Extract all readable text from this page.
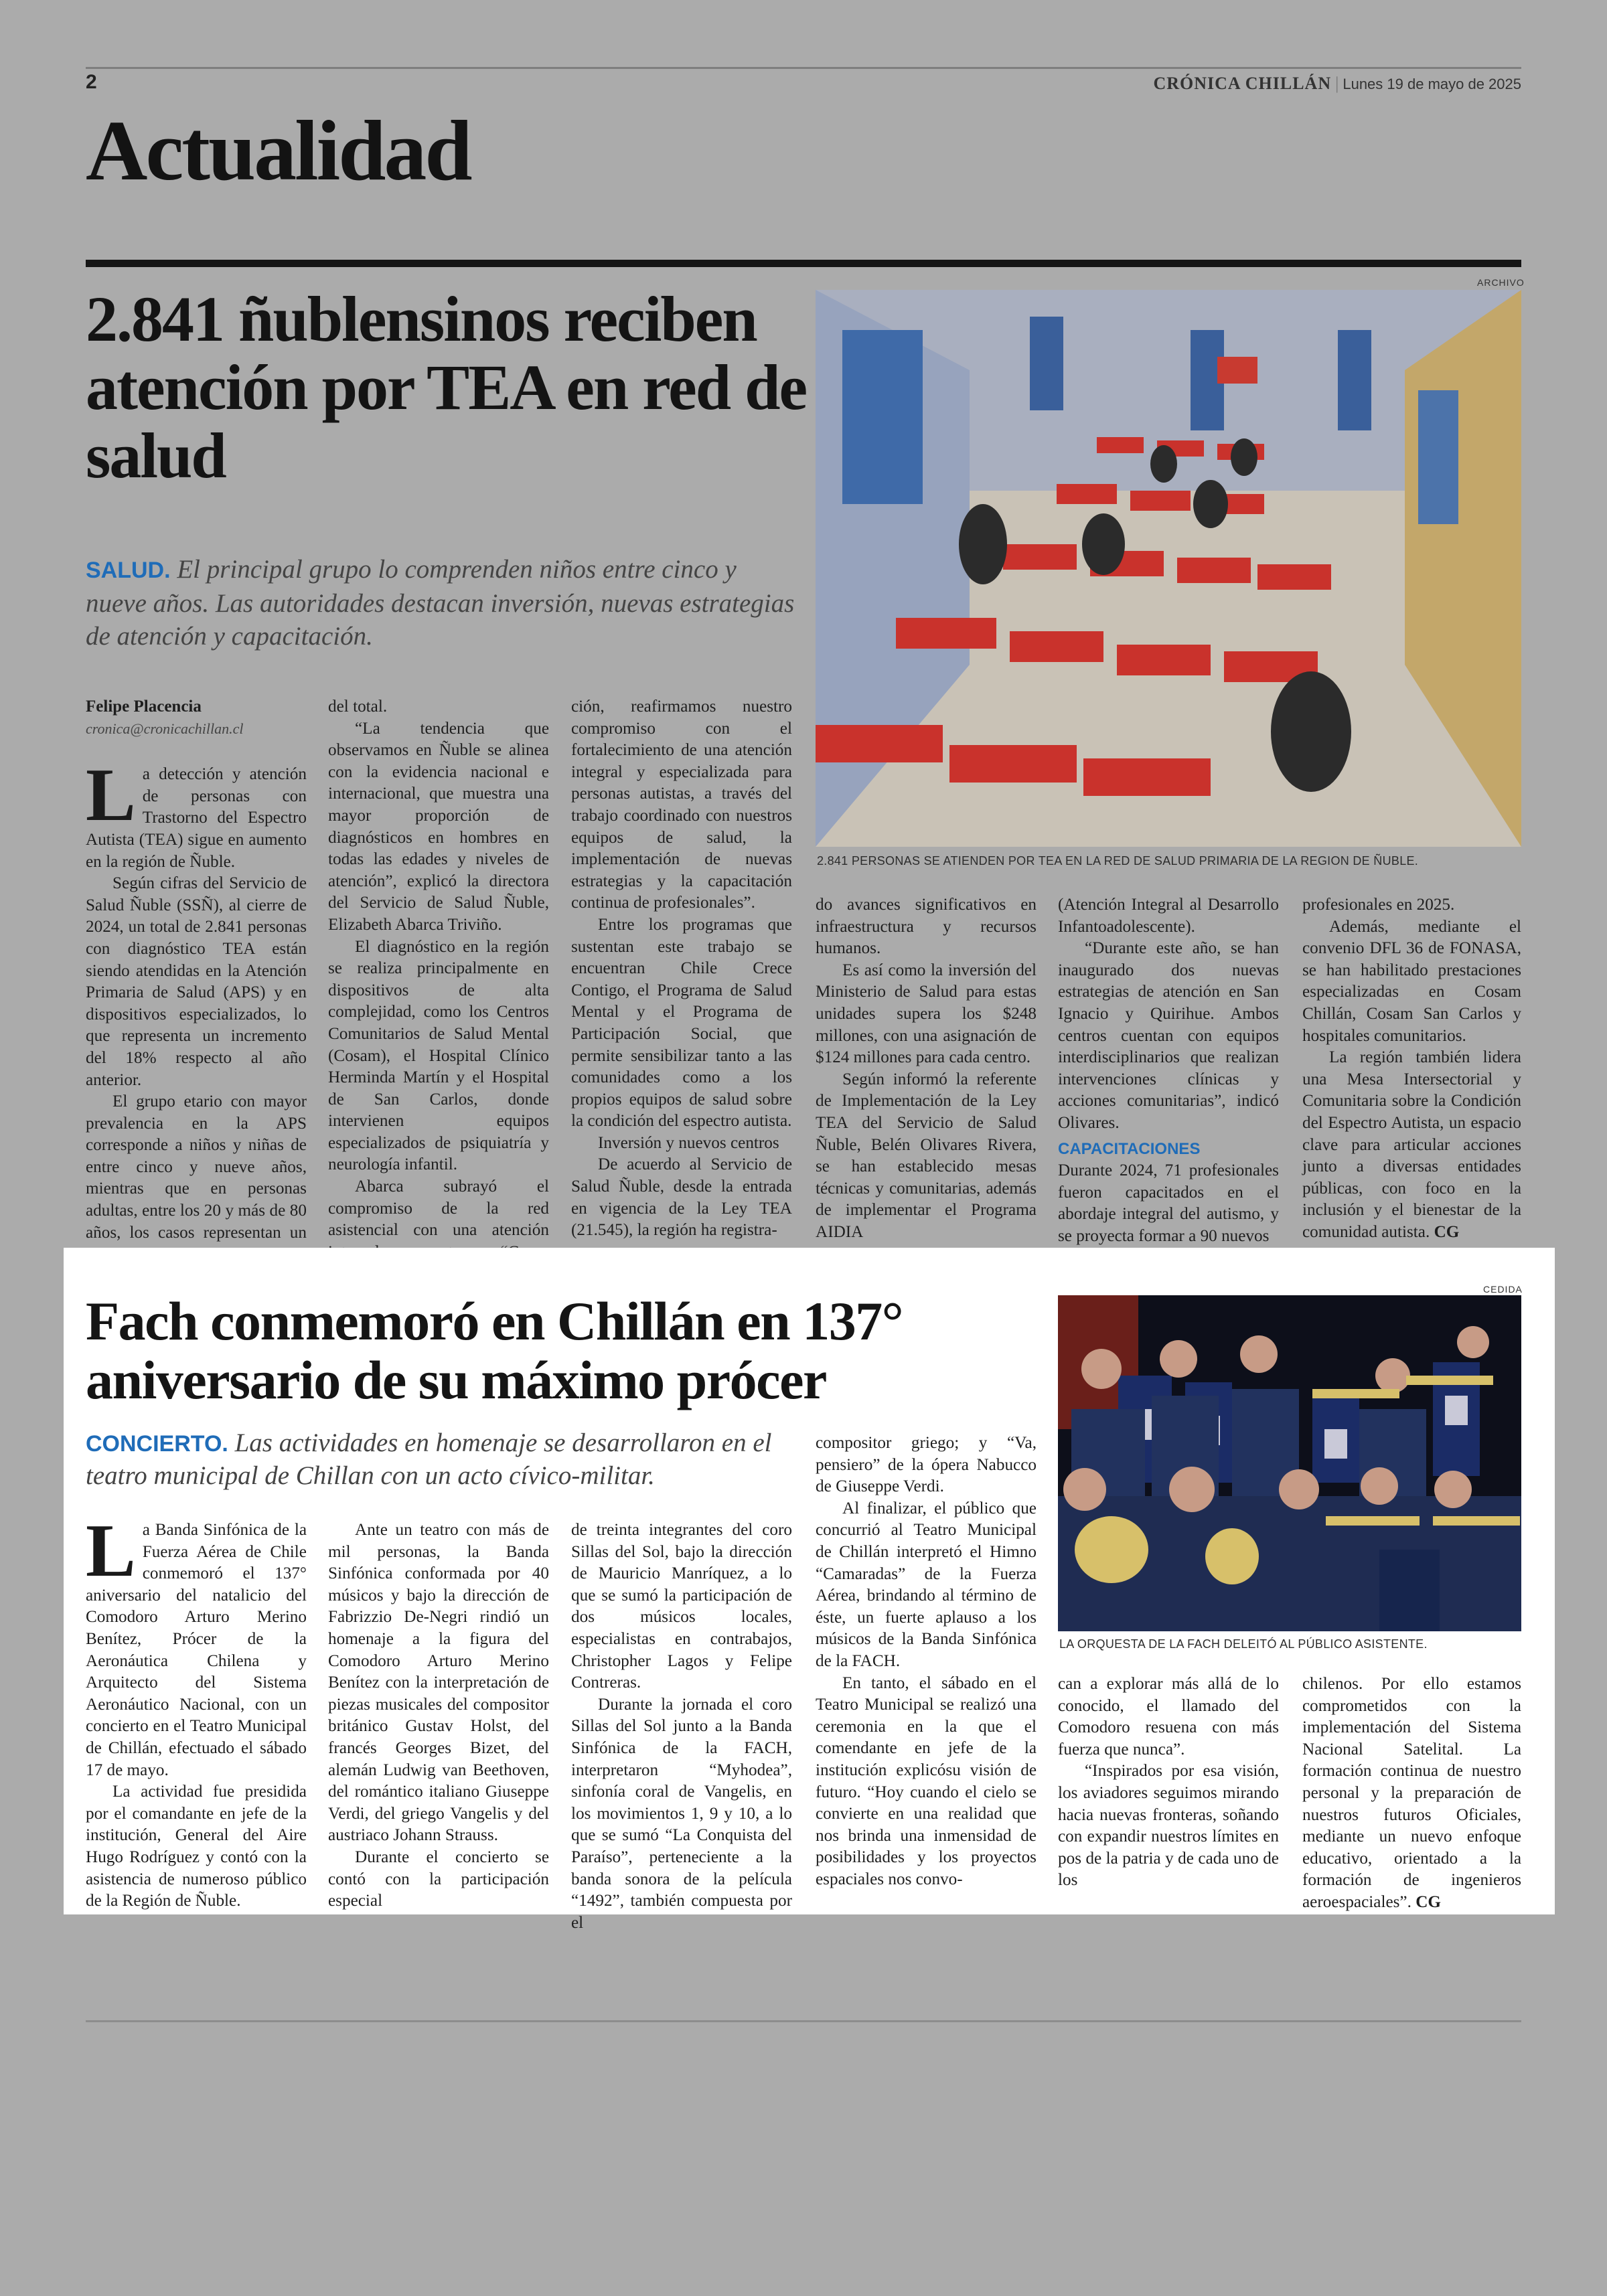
2	CRÓNICA CHILLÁN | Lunes 19 de mayo de 2025
Actualidad
2.841 ñublensinos reciben atención por TEA en red de salud
SALUD. El principal grupo lo comprenden niños entre cinco y nueve años. Las autoridades destacan inversión, nuevas estrategias de atención y capacitación.
ARCHIVO
2.841 PERSONAS SE ATIENDEN POR TEA EN LA RED DE SALUD PRIMARIA DE LA REGION DE ÑUBLE.

Felipe Placencia

cronica@cronicachillan.cl

La detección y atención de personas con Trastorno del Espectro Autista (TEA) sigue en aumento en la región de Ñuble.

Según cifras del Servicio de Salud Ñuble (SSÑ), al cierre de 2024, un total de 2.841 personas con diagnóstico TEA están siendo atendidas en la Atención Primaria de Salud (APS) y en dispositivos especializados, lo que representa un incremento del 18% respecto al año anterior.

El grupo etario con mayor prevalencia en la APS corresponde a niños y niñas de entre cinco y nueve años, mientras que en personas adultas, entre los 20 y más de 80 años, los casos representan un

del total.

“La tendencia que observamos en Ñuble se alinea con la evidencia nacional e internacional, que muestra una mayor proporción de diagnósticos en hombres en todas las edades y niveles de atención”, explicó la directora del Servicio de Salud Ñuble, Elizabeth Abarca Triviño.

El diagnóstico en la región se realiza principalmente en dispositivos de alta complejidad, como los Centros Comunitarios de Salud Mental (Cosam), el Hospital Clínico Herminda Martín y el Hospital de San Carlos, donde intervienen equipos especializados de psiquiatría y neurología infantil.

Abarca subrayó el compromiso de la red asistencial con una atención

ción, reafirmamos nuestro compromiso con el fortalecimiento de una atención integral y especializada para personas autistas, a través del trabajo coordinado con nuestros equipos de salud, la implementación de nuevas estrategias y la capacitación continua de profesionales”.

Entre los programas que sustentan este trabajo se encuentran Chile Crece Contigo, el Programa de Salud Mental y el Programa de Participación Social, que permite sensibilizar tanto a las comunidades como a los propios equipos de salud sobre la condición del espectro autista.

Inversión y nuevos centros

De acuerdo al Servicio de Salud Ñuble, desde la entrada en vigencia de la Ley TEA (21.545), la región ha registra-

do avances significativos en infraestructura y recursos humanos.

Es así como la inversión del Ministerio de Salud para estas unidades supera los $248 millones, con una asignación de $124 millones para cada centro.

Según informó la referente de Implementación de la Ley TEA del Servicio de Salud Ñuble, Belén Olivares Rivera, se han establecido mesas técnicas y comunitarias, además de implementar el Programa AIDIA

(Atención Integral al Desarrollo Infantoadolescente).

“Durante este año, se han inaugurado dos nuevas estrategias de atención en San Ignacio y Quirihue. Ambos centros cuentan con equipos interdisciplinarios que realizan intervenciones clínicas y acciones comunitarias”, indicó Olivares.

CAPACITACIONES

Durante 2024, 71 profesionales fueron capacitados en el abordaje integral del autismo, y se proyecta formar a 90 nuevos

profesionales en 2025.

Además, mediante el convenio DFL 36 de FONASA, se han habilitado prestaciones especializadas en Cosam Chillán, Cosam San Carlos y hospitales comunitarios.

La región también lidera una Mesa Intersectorial y Comunitaria sobre la Condición del Espectro Autista, un espacio clave para articular acciones junto a diversas entidades públicas, con foco en la inclusión y el bienestar de la comunidad autista. CG

Fach conmemoró en Chillán en 137° aniversario de su máximo prócer
CONCIERTO. Las actividades en homenaje se desarrollaron en el teatro municipal de Chillan con un acto cívico-militar.
CEDIDA
LA ORQUESTA DE LA FACH DELEITÓ AL PÚBLICO ASISTENTE.

La Banda Sinfónica de la Fuerza Aérea de Chile conmemoró el 137° aniversario del natalicio del Comodoro Arturo Merino Benítez, Prócer de la Aeronáutica Chilena y Arquitecto del Sistema Aeronáutico Nacional, con un concierto en el Teatro Municipal de Chillán, efectuado el sábado 17 de mayo.

La actividad fue presidida por el comandante en jefe de la institución, General del Aire Hugo Rodríguez y contó con la asistencia de numeroso público de la Región de Ñuble.

Ante un teatro con más de mil personas, la Banda Sinfónica conformada por 40 músicos y bajo la dirección de Fabrizzio De-Negri rindió un homenaje a la figura del Comodoro Arturo Merino Benítez con la interpretación de piezas musicales del compositor británico Gustav Holst, del francés Georges Bizet, del alemán Ludwig van Beethoven, del romántico italiano Giuseppe Verdi, del griego Vangelis y del austriaco Johann Strauss.

Durante el concierto se contó con la participación especial

de treinta integrantes del coro Sillas del Sol, bajo la dirección de Mauricio Manríquez, a lo que se sumó la participación de dos músicos locales, especialistas en contrabajos, Christopher Lagos y Felipe Contreras.

Durante la jornada el coro Sillas del Sol junto a la Banda Sinfónica de la FACH, interpretaron “Myhodea”, sinfonía coral de Vangelis, en los movimientos 1, 9 y 10, a lo que se sumó “La Conquista del Paraíso”, perteneciente a la banda sonora de la película “1492”, también compuesta por el

compositor griego; y “Va, pensiero” de la ópera Nabucco de Giuseppe Verdi.

Al finalizar, el público que concurrió al Teatro Municipal de Chillán interpretó el Himno “Camaradas” de la Fuerza Aérea, brindando al término de éste, un fuerte aplauso a los músicos de la Banda Sinfónica de la FACH.

En tanto, el sábado en el Teatro Municipal se realizó una ceremonia en la que el comendante en jefe de la institución explicósu visión de futuro. “Hoy cuando el cielo se convierte en una realidad que nos brinda una inmensidad de posibilidades y los proyectos espaciales nos convo-

can a explorar más allá de lo conocido, el llamado del Comodoro resuena con más fuerza que nunca”.

“Inspirados por esa visión, los aviadores seguimos mirando hacia nuevas fronteras, soñando con expandir nuestros límites en pos de la patria y de cada uno de los

chilenos. Por ello estamos comprometidos con la implementación del Sistema Nacional Satelital. La formación continua de nuestro personal y la preparación de nuestros futuros Oficiales, mediante un nuevo enfoque educativo, orientado a la formación de ingenieros aeroespaciales”. CG
